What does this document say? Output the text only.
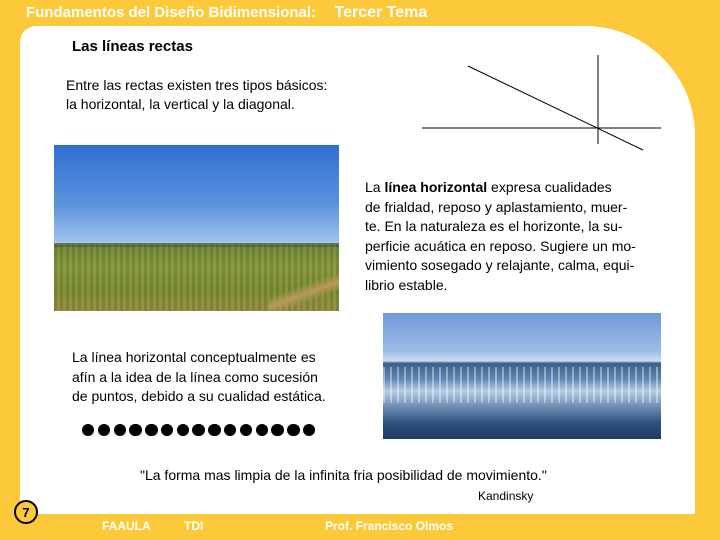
Fundamentos del Diseño Bidimensional: Tercer Tema
Las líneas rectas

Entre las rectas existen tres tipos básicos:

la horizontal, la vertical y la diagonal.

La línea horizontal expresa cualidades

de frialdad, reposo y aplastamiento, muer-

te. En la naturaleza es el horizonte, la su-

perficie acuática en reposo. Sugiere un mo-

vimiento sosegado y relajante, calma, equi-

librio estable.

La línea horizontal conceptualmente es

afín a la idea de la línea como sucesión

de puntos, debido a su cualidad estática.

"La forma mas limpia de la infinita fria posibilidad de movimiento."
Kandinsky
7
FAAULA	TDI	Prof. Francisco Olmos
